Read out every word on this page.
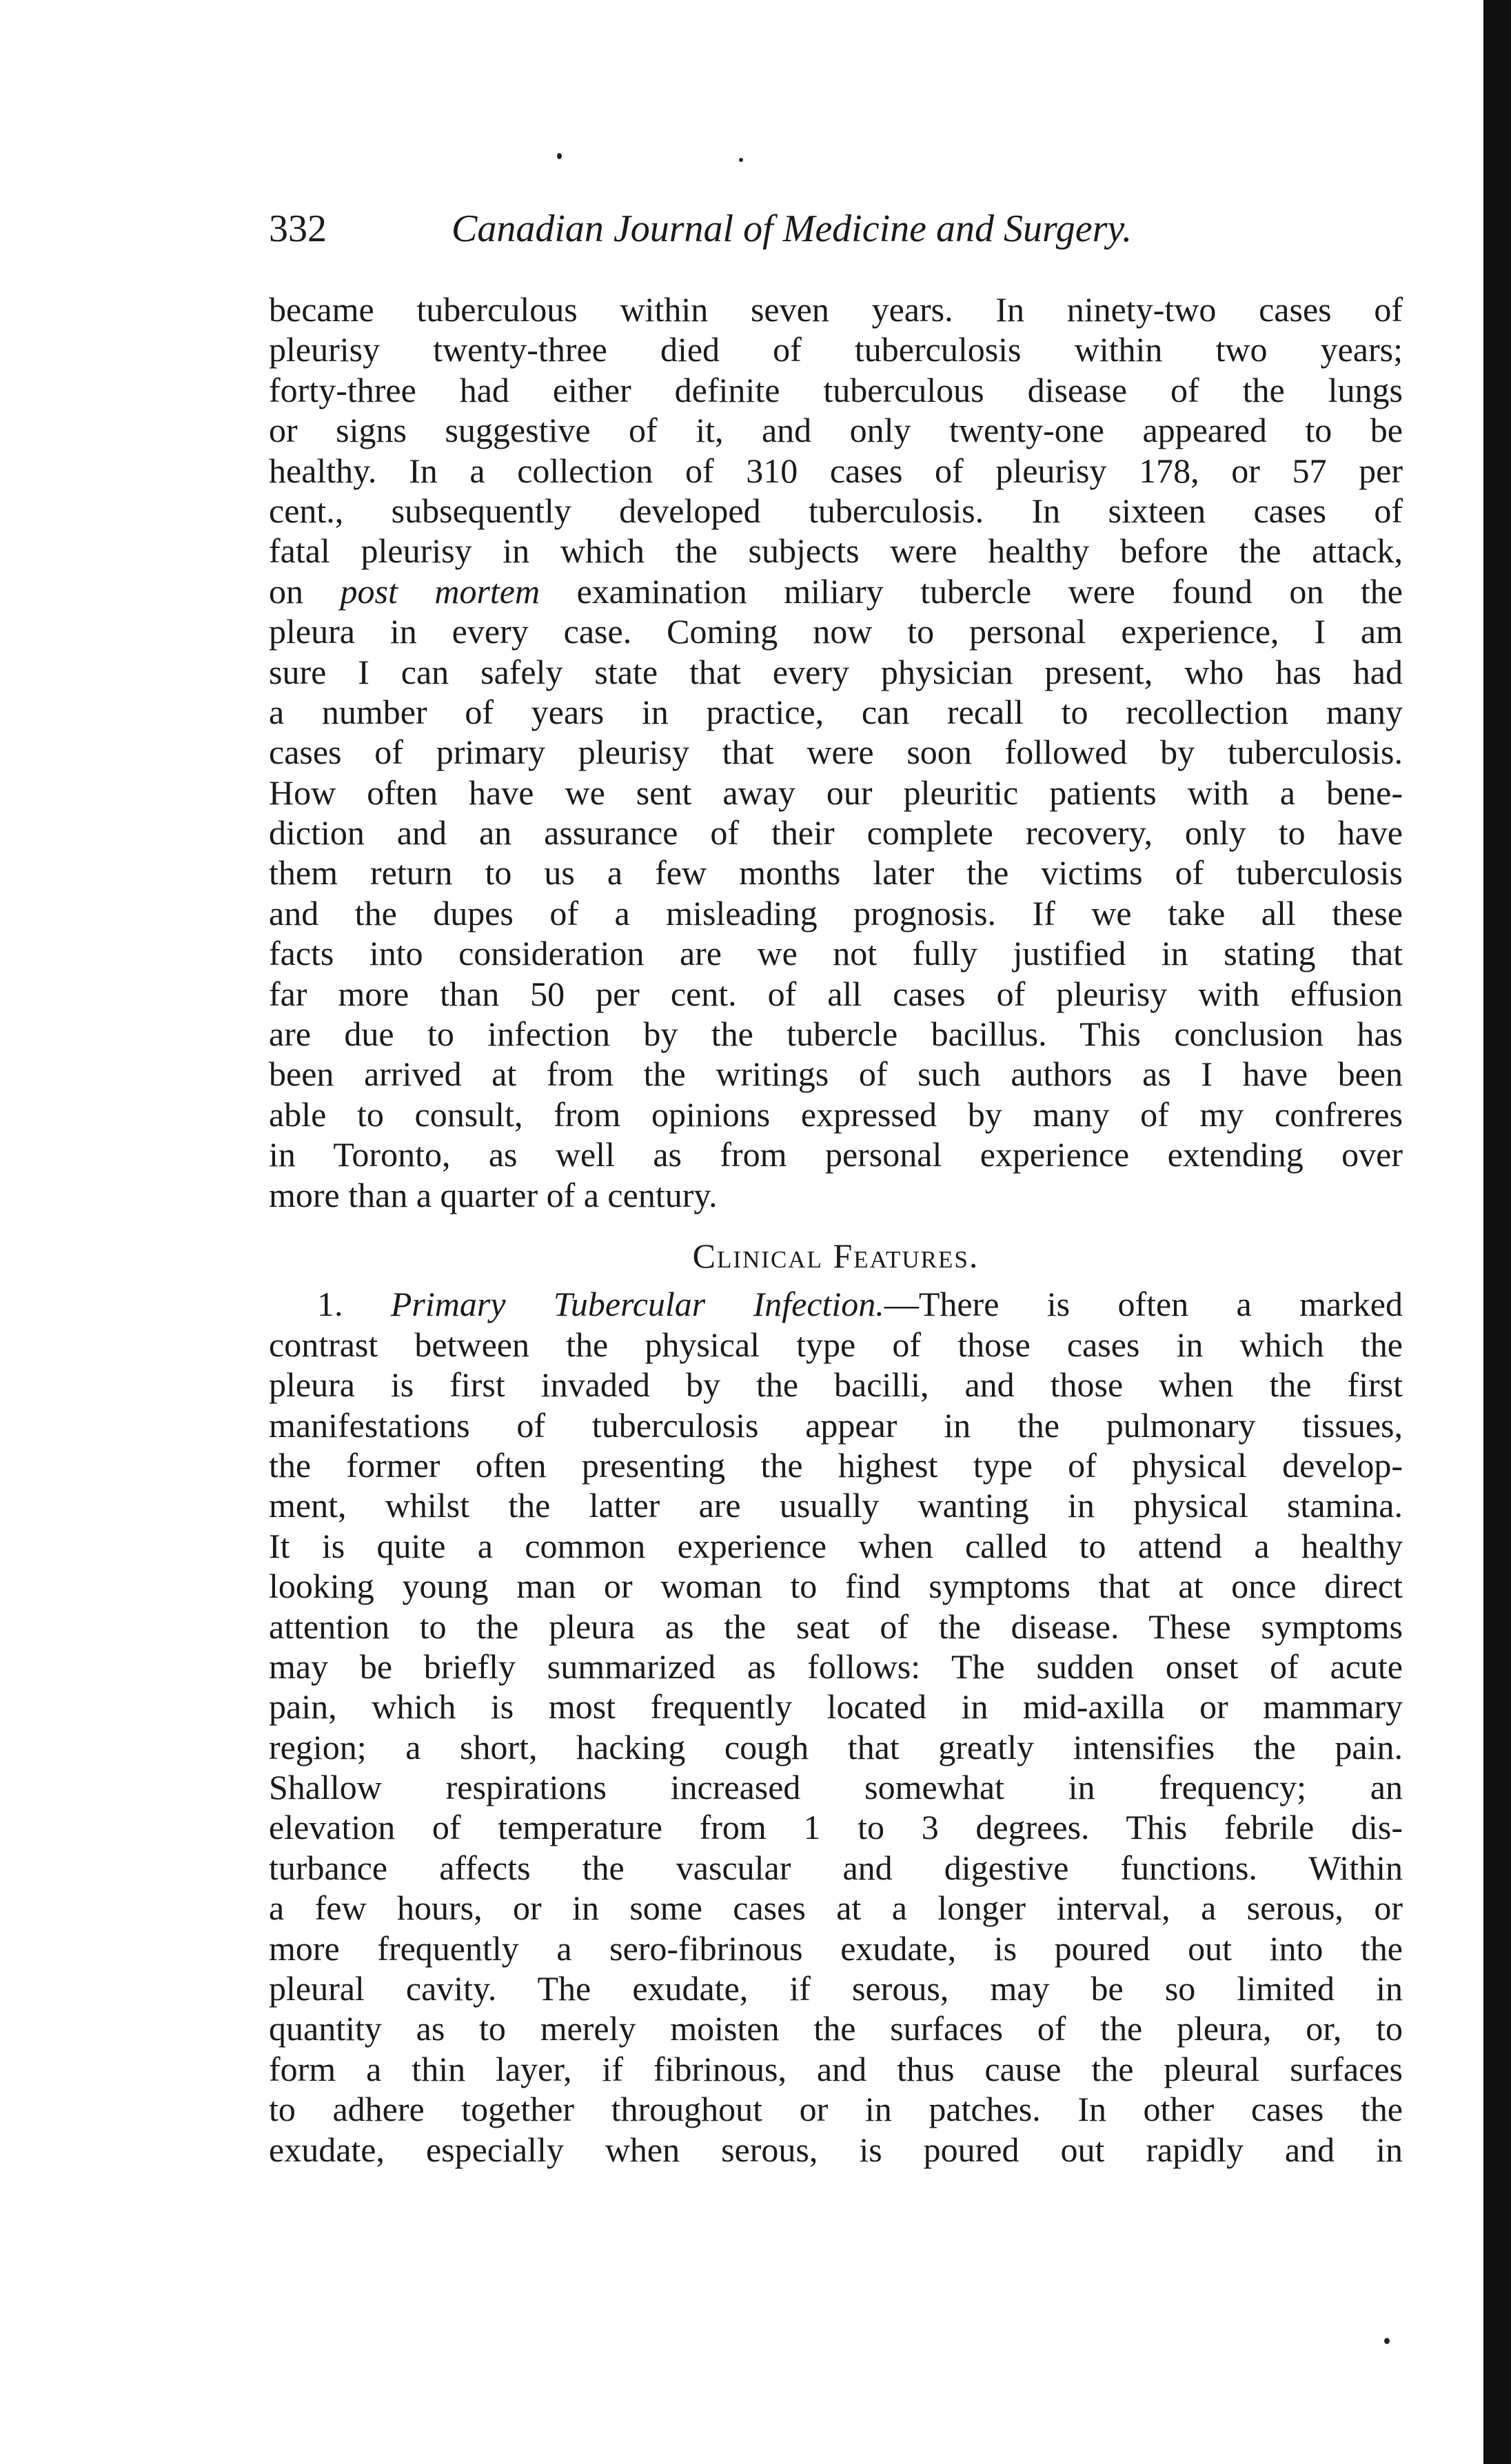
332	Canadian Journal of Medicine and Surgery.
became tuberculous within seven years. In ninety-two cases of
pleurisy twenty-three died of tuberculosis within two years;
forty-three had either definite tuberculous disease of the lungs
or signs suggestive of it, and only twenty-one appeared to be
healthy. In a collection of 310 cases of pleurisy 178, or 57 per
cent., subsequently developed tuberculosis. In sixteen cases of
fatal pleurisy in which the subjects were healthy before the attack,
on post mortem examination miliary tubercle were found on the
pleura in every case. Coming now to personal experience, I am
sure I can safely state that every physician present, who has had
a number of years in practice, can recall to recollection many
cases of primary pleurisy that were soon followed by tuberculosis.
How often have we sent away our pleuritic patients with a bene-
diction and an assurance of their complete recovery, only to have
them return to us a few months later the victims of tuberculosis
and the dupes of a misleading prognosis. If we take all these
facts into consideration are we not fully justified in stating that
far more than 50 per cent. of all cases of pleurisy with effusion
are due to infection by the tubercle bacillus. This conclusion has
been arrived at from the writings of such authors as I have been
able to consult, from opinions expressed by many of my confreres
in Toronto, as well as from personal experience extending over
more than a quarter of a century.
Clinical Features.
1. Primary Tubercular Infection.—There is often a marked
contrast between the physical type of those cases in which the
pleura is first invaded by the bacilli, and those when the first
manifestations of tuberculosis appear in the pulmonary tissues,
the former often presenting the highest type of physical develop-
ment, whilst the latter are usually wanting in physical stamina.
It is quite a common experience when called to attend a healthy
looking young man or woman to find symptoms that at once direct
attention to the pleura as the seat of the disease. These symptoms
may be briefly summarized as follows: The sudden onset of acute
pain, which is most frequently located in mid-axilla or mammary
region; a short, hacking cough that greatly intensifies the pain.
Shallow respirations increased somewhat in frequency; an
elevation of temperature from 1 to 3 degrees. This febrile dis-
turbance affects the vascular and digestive functions. Within
a few hours, or in some cases at a longer interval, a serous, or
more frequently a sero-fibrinous exudate, is poured out into the
pleural cavity. The exudate, if serous, may be so limited in
quantity as to merely moisten the surfaces of the pleura, or, to
form a thin layer, if fibrinous, and thus cause the pleural surfaces
to adhere together throughout or in patches. In other cases the
exudate, especially when serous, is poured out rapidly and in
